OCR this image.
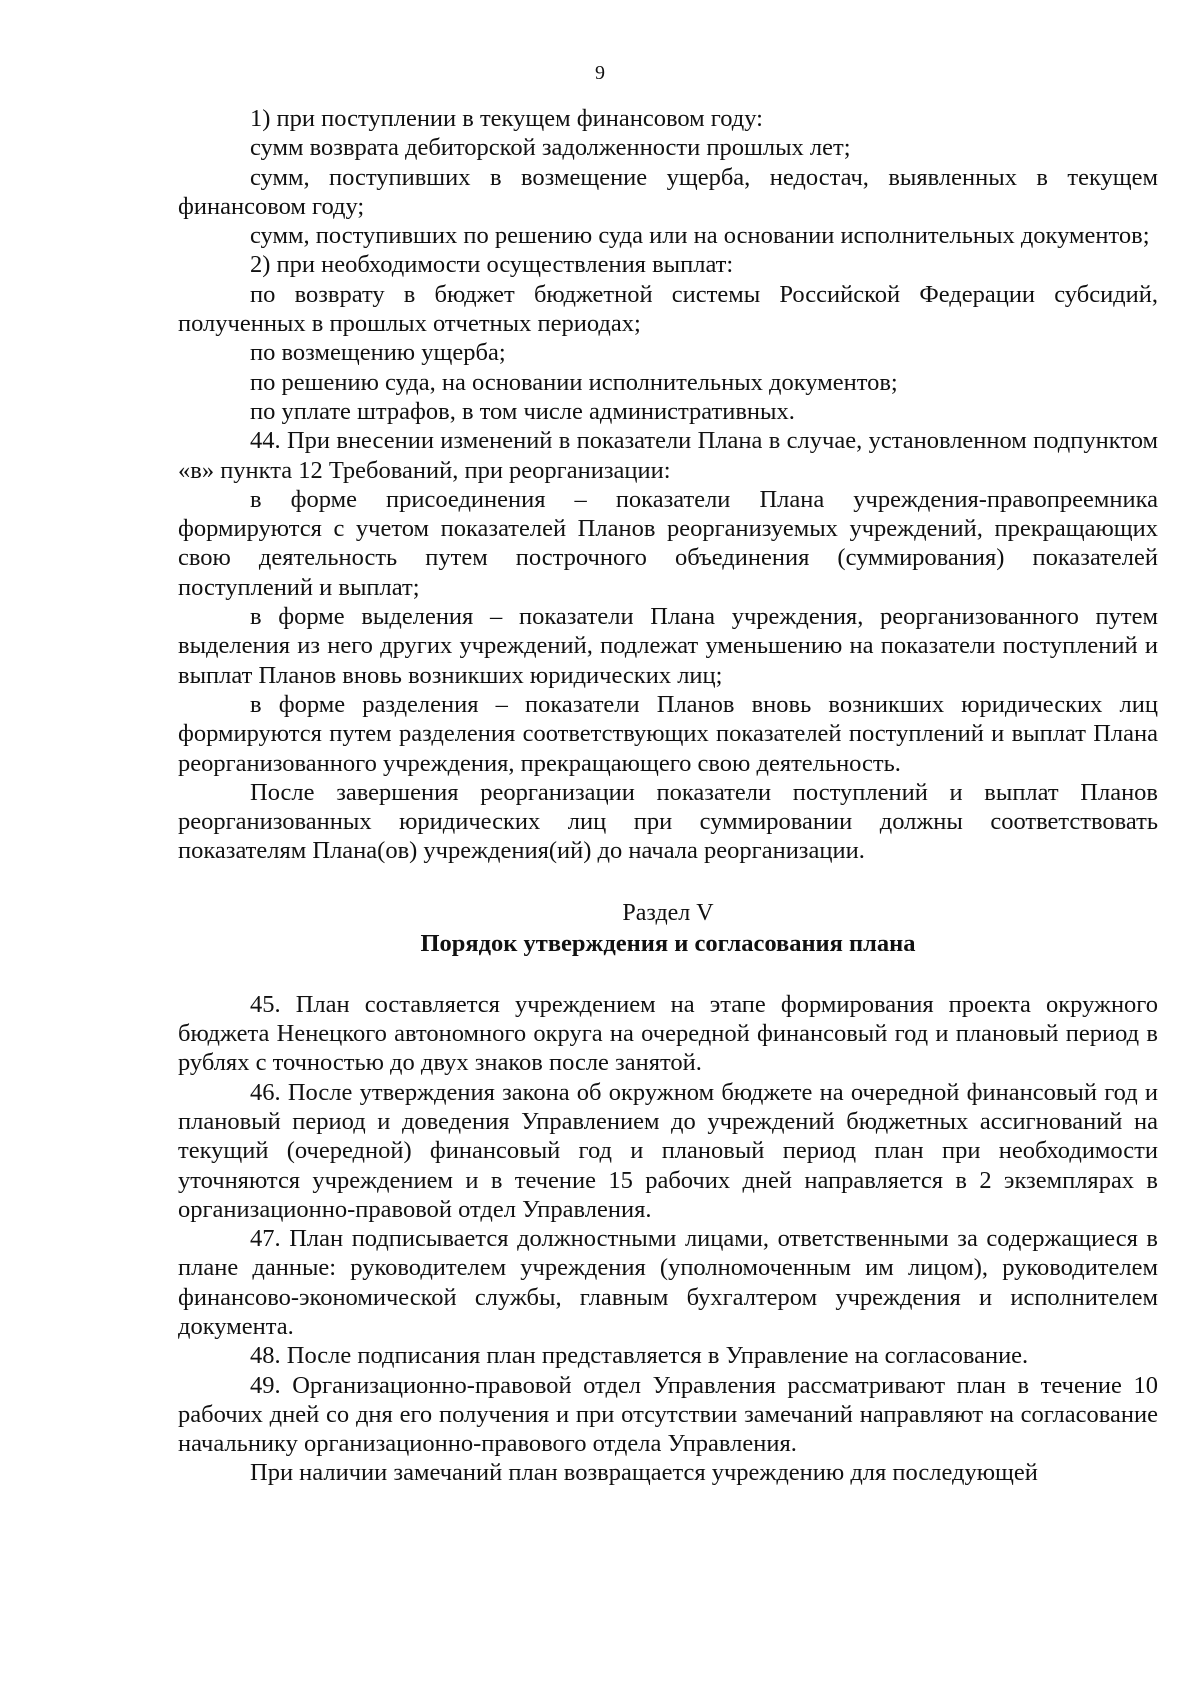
9

1) при поступлении в текущем финансовом году:

сумм возврата дебиторской задолженности прошлых лет;

сумм, поступивших в возмещение ущерба, недостач, выявленных в текущем финансовом году;

сумм, поступивших по решению суда или на основании исполнительных документов;

2) при необходимости осуществления выплат:

по возврату в бюджет бюджетной системы Российской Федерации субсидий, полученных в прошлых отчетных периодах;

по возмещению ущерба;

по решению суда, на основании исполнительных документов;

по уплате штрафов, в том числе административных.

44. При внесении изменений в показатели Плана в случае, установленном подпунктом «в» пункта 12 Требований, при реорганизации:

в форме присоединения – показатели Плана учреждения-правопреемника формируются с учетом показателей Планов реорганизуемых учреждений, прекращающих свою деятельность путем построчного объединения (суммирования) показателей поступлений и выплат;

в форме выделения – показатели Плана учреждения, реорганизованного путем выделения из него других учреждений, подлежат уменьшению на показатели поступлений и выплат Планов вновь возникших юридических лиц;

в форме разделения – показатели Планов вновь возникших юридических лиц формируются путем разделения соответствующих показателей поступлений и выплат Плана реорганизованного учреждения, прекращающего свою деятельность.

После завершения реорганизации показатели поступлений и выплат Планов реорганизованных юридических лиц при суммировании должны соответствовать показателям Плана(ов) учреждения(ий) до начала реорганизации.

Раздел V

Порядок утверждения и согласования плана

45. План составляется учреждением на этапе формирования проекта окружного бюджета Ненецкого автономного округа на очередной финансовый год и плановый период в рублях с точностью до двух знаков после занятой.

46. После утверждения закона об окружном бюджете на очередной финансовый год и плановый период и доведения Управлением до учреждений бюджетных ассигнований на текущий (очередной) финансовый год и плановый период план при необходимости уточняются учреждением и в течение 15 рабочих дней направляется в 2 экземплярах в организационно-правовой отдел Управления.

47. План подписывается должностными лицами, ответственными за содержащиеся в плане данные: руководителем учреждения (уполномоченным им лицом), руководителем финансово-экономической службы, главным бухгалтером учреждения и исполнителем документа.

48. После подписания план представляется в Управление на согласование.

49. Организационно-правовой отдел Управления рассматривают план в течение 10 рабочих дней со дня его получения и при отсутствии замечаний направляют на согласование начальнику организационно-правового отдела Управления.

При наличии замечаний план возвращается учреждению для последующей
